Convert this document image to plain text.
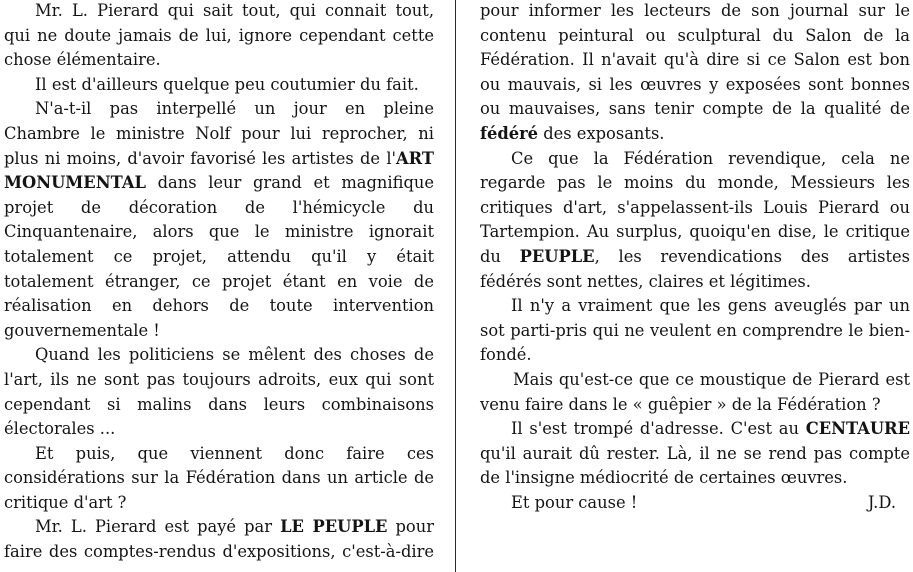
Mr. L. Pierard qui sait tout, qui connait tout,
qui ne doute jamais de lui, ignore cependant cette
chose élémentaire.
Il est d'ailleurs quelque peu coutumier du fait.
N'a-t-il pas interpellé un jour en pleine
Chambre le ministre Nolf pour lui reprocher, ni
plus ni moins, d'avoir favorisé les artistes de l'ART
MONUMENTAL dans leur grand et magnifique
projet de décoration de l'hémicycle du
Cinquantenaire, alors que le ministre ignorait
totalement ce projet, attendu qu'il y était
totalement étranger, ce projet étant en voie de
réalisation en dehors de toute intervention
gouvernementale !
Quand les politiciens se mêlent des choses de
l'art, ils ne sont pas toujours adroits, eux qui sont
cependant si malins dans leurs combinaisons
électorales ...
Et puis, que viennent donc faire ces
considérations sur la Fédération dans un article de
critique d'art ?
Mr. L. Pierard est payé par LE PEUPLE pour
faire des comptes-rendus d'expositions, c'est-à-dire
pour informer les lecteurs de son journal sur le
contenu peintural ou sculptural du Salon de la
Fédération. Il n'avait qu'à dire si ce Salon est bon
ou mauvais, si les œuvres y exposées sont bonnes
ou mauvaises, sans tenir compte de la qualité de
fédéré des exposants.
Ce que la Fédération revendique, cela ne
regarde pas le moins du monde, Messieurs les
critiques d'art, s'appelassent-ils Louis Pierard ou
Tartempion. Au surplus, quoiqu'en dise, le critique
du PEUPLE, les revendications des artistes
fédérés sont nettes, claires et légitimes.
Il n'y a vraiment que les gens aveuglés par un
sot parti-pris qui ne veulent en comprendre le bien-
fondé.
Mais qu'est-ce que ce moustique de Pierard est
venu faire dans le « guêpier » de la Fédération ?
Il s'est trompé d'adresse. C'est au CENTAURE
qu'il aurait dû rester. Là, il ne se rend pas compte
de l'insigne médiocrité de certaines œuvres.
Et pour cause !	J.D.
